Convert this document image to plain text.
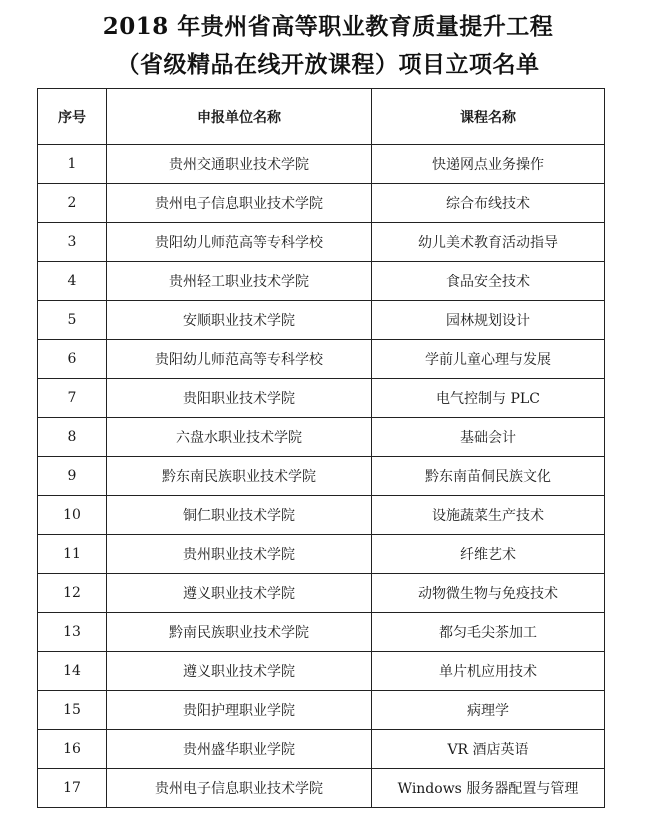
2018 年贵州省高等职业教育质量提升工程
（省级精品在线开放课程）项目立项名单
序号	申报单位名称	课程名称
1	贵州交通职业技术学院	快递网点业务操作
2	贵州电子信息职业技术学院	综合布线技术
3	贵阳幼儿师范高等专科学校	幼儿美术教育活动指导
4	贵州轻工职业技术学院	食品安全技术
5	安顺职业技术学院	园林规划设计
6	贵阳幼儿师范高等专科学校	学前儿童心理与发展
7	贵阳职业技术学院	电气控制与 PLC
8	六盘水职业技术学院	基础会计
9	黔东南民族职业技术学院	黔东南苗侗民族文化
10	铜仁职业技术学院	设施蔬菜生产技术
11	贵州职业技术学院	纤维艺术
12	遵义职业技术学院	动物微生物与免疫技术
13	黔南民族职业技术学院	都匀毛尖茶加工
14	遵义职业技术学院	单片机应用技术
15	贵阳护理职业学院	病理学
16	贵州盛华职业学院	VR 酒店英语
17	贵州电子信息职业技术学院	Windows 服务器配置与管理
